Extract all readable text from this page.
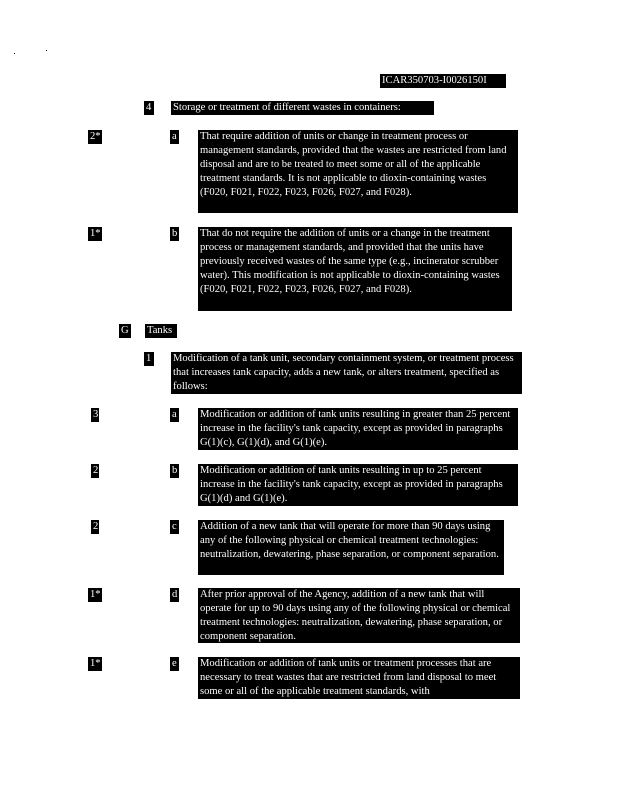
ICAR350703-I0026150I
4 Storage or treatment of different wastes in containers:
2*	a That require addition of units or change in treatment process or management standards, provided that the wastes are restricted from land disposal and are to be treated to meet some or all of the applicable treatment standards. It is not applicable to dioxin-containing wastes (F020, F021, F022, F023, F026, F027, and F028).
1*	b That do not require the addition of units or a change in the treatment process or management standards, and provided that the units have previously received wastes of the same type (e.g., incinerator scrubber water). This modification is not applicable to dioxin-containing wastes (F020, F021, F022, F023, F026, F027, and F028).
G Tanks
1 Modification of a tank unit, secondary containment system, or treatment process that increases tank capacity, adds a new tank, or alters treatment, specified as follows:
3	a Modification or addition of tank units resulting in greater than 25 percent increase in the facility's tank capacity, except as provided in paragraphs G(1)(c), G(1)(d), and G(1)(e).
2	b Modification or addition of tank units resulting in up to 25 percent increase in the facility's tank capacity, except as provided in paragraphs G(1)(d) and G(1)(e).
2	c Addition of a new tank that will operate for more than 90 days using any of the following physical or chemical treatment technologies: neutralization, dewatering, phase separation, or component separation.
1*	d After prior approval of the Agency, addition of a new tank that will operate for up to 90 days using any of the following physical or chemical treatment technologies: neutralization, dewatering, phase separation, or component separation.
1*	e Modification or addition of tank units or treatment processes that are necessary to treat wastes that are restricted from land disposal to meet some or all of the applicable treatment standards, with
